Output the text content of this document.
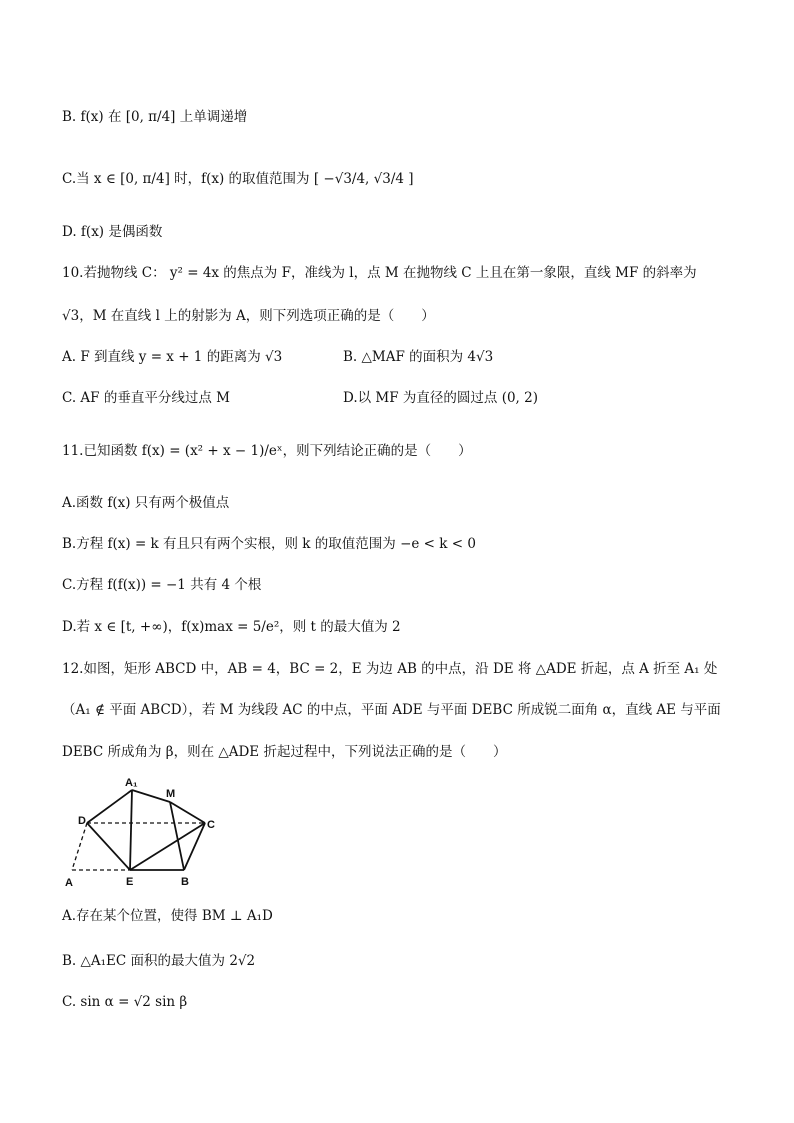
B. f(x) 在 [0, π/4] 上单调递增
C.当 x ∈ [0, π/4] 时，f(x) 的取值范围为 [ −√3/4, √3/4 ]
D. f(x) 是偶函数
10.若抛物线 C： y² = 4x 的焦点为 F，准线为 l，点 M 在抛物线 C 上且在第一象限，直线 MF 的斜率为
√3，M 在直线 l 上的射影为 A，则下列选项正确的是（　　）
A. F 到直线 y = x + 1 的距离为 √3	B. △MAF 的面积为 4√3
C. AF 的垂直平分线过点 M	D.以 MF 为直径的圆过点 (0, 2)
11.已知函数 f(x) = (x² + x − 1)/eˣ，则下列结论正确的是（　　）
A.函数 f(x) 只有两个极值点
B.方程 f(x) = k 有且只有两个实根，则 k 的取值范围为 −e < k < 0
C.方程 f(f(x)) = −1 共有 4 个根
D.若 x ∈ [t, +∞)，f(x)max = 5/e²，则 t 的最大值为 2
12.如图，矩形 ABCD 中，AB = 4，BC = 2，E 为边 AB 的中点，沿 DE 将 △ADE 折起，点 A 折至 A₁ 处
（A₁ ∉ 平面 ABCD），若 M 为线段 AC 的中点，平面 ADE 与平面 DEBC 所成锐二面角 α，直线 AE 与平面
DEBC 所成角为 β，则在 △ADE 折起过程中，下列说法正确的是（　　）
A₁
M
D	C
A	E	B
A.存在某个位置，使得 BM ⊥ A₁D
B. △A₁EC 面积的最大值为 2√2
C. sin α = √2 sin β
